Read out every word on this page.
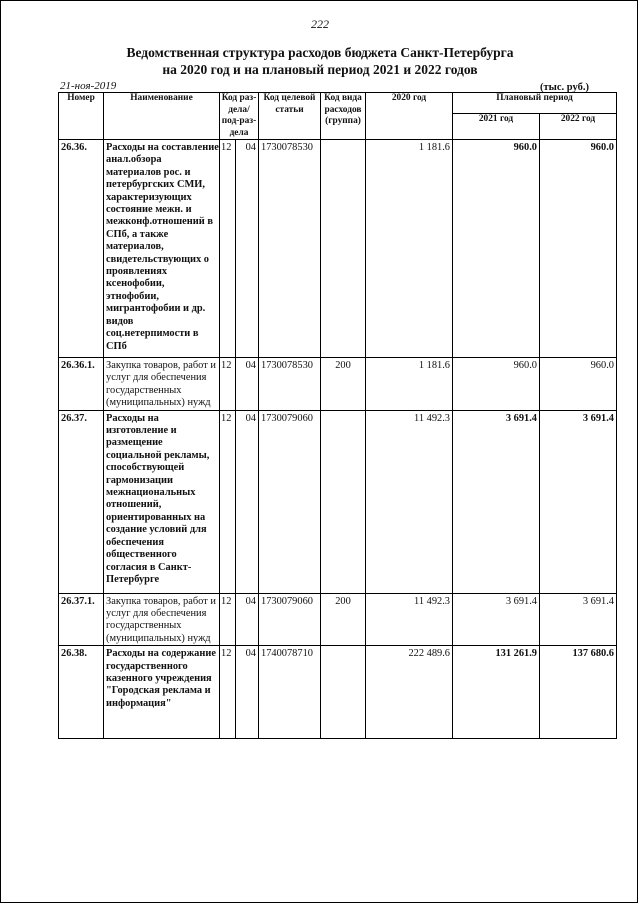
222
Ведомственная структура расходов бюджета Санкт-Петербурга
на 2020 год и на плановый период 2021 и 2022 годов
21-ноя-2019	(тыс. руб.)
Номер	Наименование	Код раз-дела/ под-раз-дела		Код целевой статьи	Код вида расходов (группа)	2020 год	Плановый период	
							2021 год	2022 год
26.36.	Расходы на составление анал.обзора материалов рос. и петербургских СМИ, характеризующих состояние межн. и межконф.отношений в СПб, а также материалов, свидетельствующих о проявлениях ксенофобии, этнофобии, мигрантофобии и др. видов соц.нетерпимости в СПб	12	04	1730078530		1 181.6	960.0	960.0
26.36.1.	Закупка товаров, работ и услуг для обеспечения государственных (муниципальных) нужд	12	04	1730078530	200	1 181.6	960.0	960.0
26.37.	Расходы на изготовление и размещение социальной рекламы, способствующей гармонизации межнациональных отношений, ориентированных на создание условий для обеспечения общественного согласия в Санкт-Петербурге	12	04	1730079060		11 492.3	3 691.4	3 691.4
26.37.1.	Закупка товаров, работ и услуг для обеспечения государственных (муниципальных) нужд	12	04	1730079060	200	11 492.3	3 691.4	3 691.4
26.38.	Расходы на содержание государственного казенного учреждения "Городская реклама и информация"	12	04	1740078710		222 489.6	131 261.9	137 680.6
